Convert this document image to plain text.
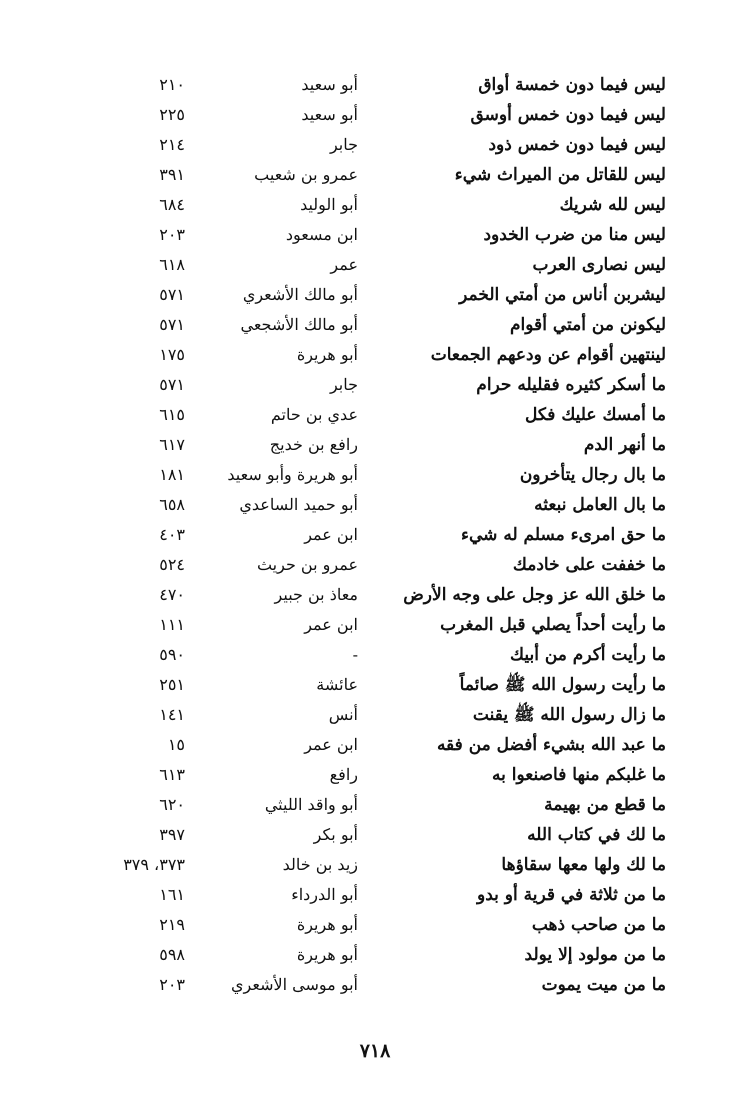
ليس فيما دون خمسة أواق
أبو سعيد
٢١٠
ليس فيما دون خمس أوسق
أبو سعيد
٢٢٥
ليس فيما دون خمس ذود
جابر
٢١٤
ليس للقاتل من الميراث شيء
عمرو بن شعيب
٣٩١
ليس لله شريك
أبو الوليد
٦٨٤
ليس منا من ضرب الخدود
ابن مسعود
٢٠٣
ليس نصارى العرب
عمر
٦١٨
ليشربن أناس من أمتي الخمر
أبو مالك الأشعري
٥٧١
ليكونن من أمتي أقوام
أبو مالك الأشجعي
٥٧١
لينتهين أقوام عن ودعهم الجمعات
أبو هريرة
١٧٥
ما أسكر كثيره فقليله حرام
جابر
٥٧١
ما أمسك عليك فكل
عدي بن حاتم
٦١٥
ما أنهر الدم
رافع بن خديج
٦١٧
ما بال رجال يتأخرون
أبو هريرة وأبو سعيد
١٨١
ما بال العامل نبعثه
أبو حميد الساعدي
٦٥٨
ما حق امرىء مسلم له شيء
ابن عمر
٤٠٣
ما خففت على خادمك
عمرو بن حريث
٥٢٤
ما خلق الله عز وجل على وجه الأرض
معاذ بن جبير
٤٧٠
ما رأيت أحداً يصلي قبل المغرب
ابن عمر
١١١
ما رأيت أكرم من أبيك
-
٥٩٠
ما رأيت رسول الله ﷺ صائماً
عائشة
٢٥١
ما زال رسول الله ﷺ يقنت
أنس
١٤١
ما عبد الله بشيء أفضل من فقه
ابن عمر
١٥
ما غلبكم منها فاصنعوا به
رافع
٦١٣
ما قطع من بهيمة
أبو واقد الليثي
٦٢٠
ما لك في كتاب الله
أبو بكر
٣٩٧
ما لك ولها معها سقاؤها
زيد بن خالد
٣٧٣، ٣٧٩
ما من ثلاثة في قرية أو بدو
أبو الدرداء
١٦١
ما من صاحب ذهب
أبو هريرة
٢١٩
ما من مولود إلا يولد
أبو هريرة
٥٩٨
ما من ميت يموت
أبو موسى الأشعري
٢٠٣
٧١٨
